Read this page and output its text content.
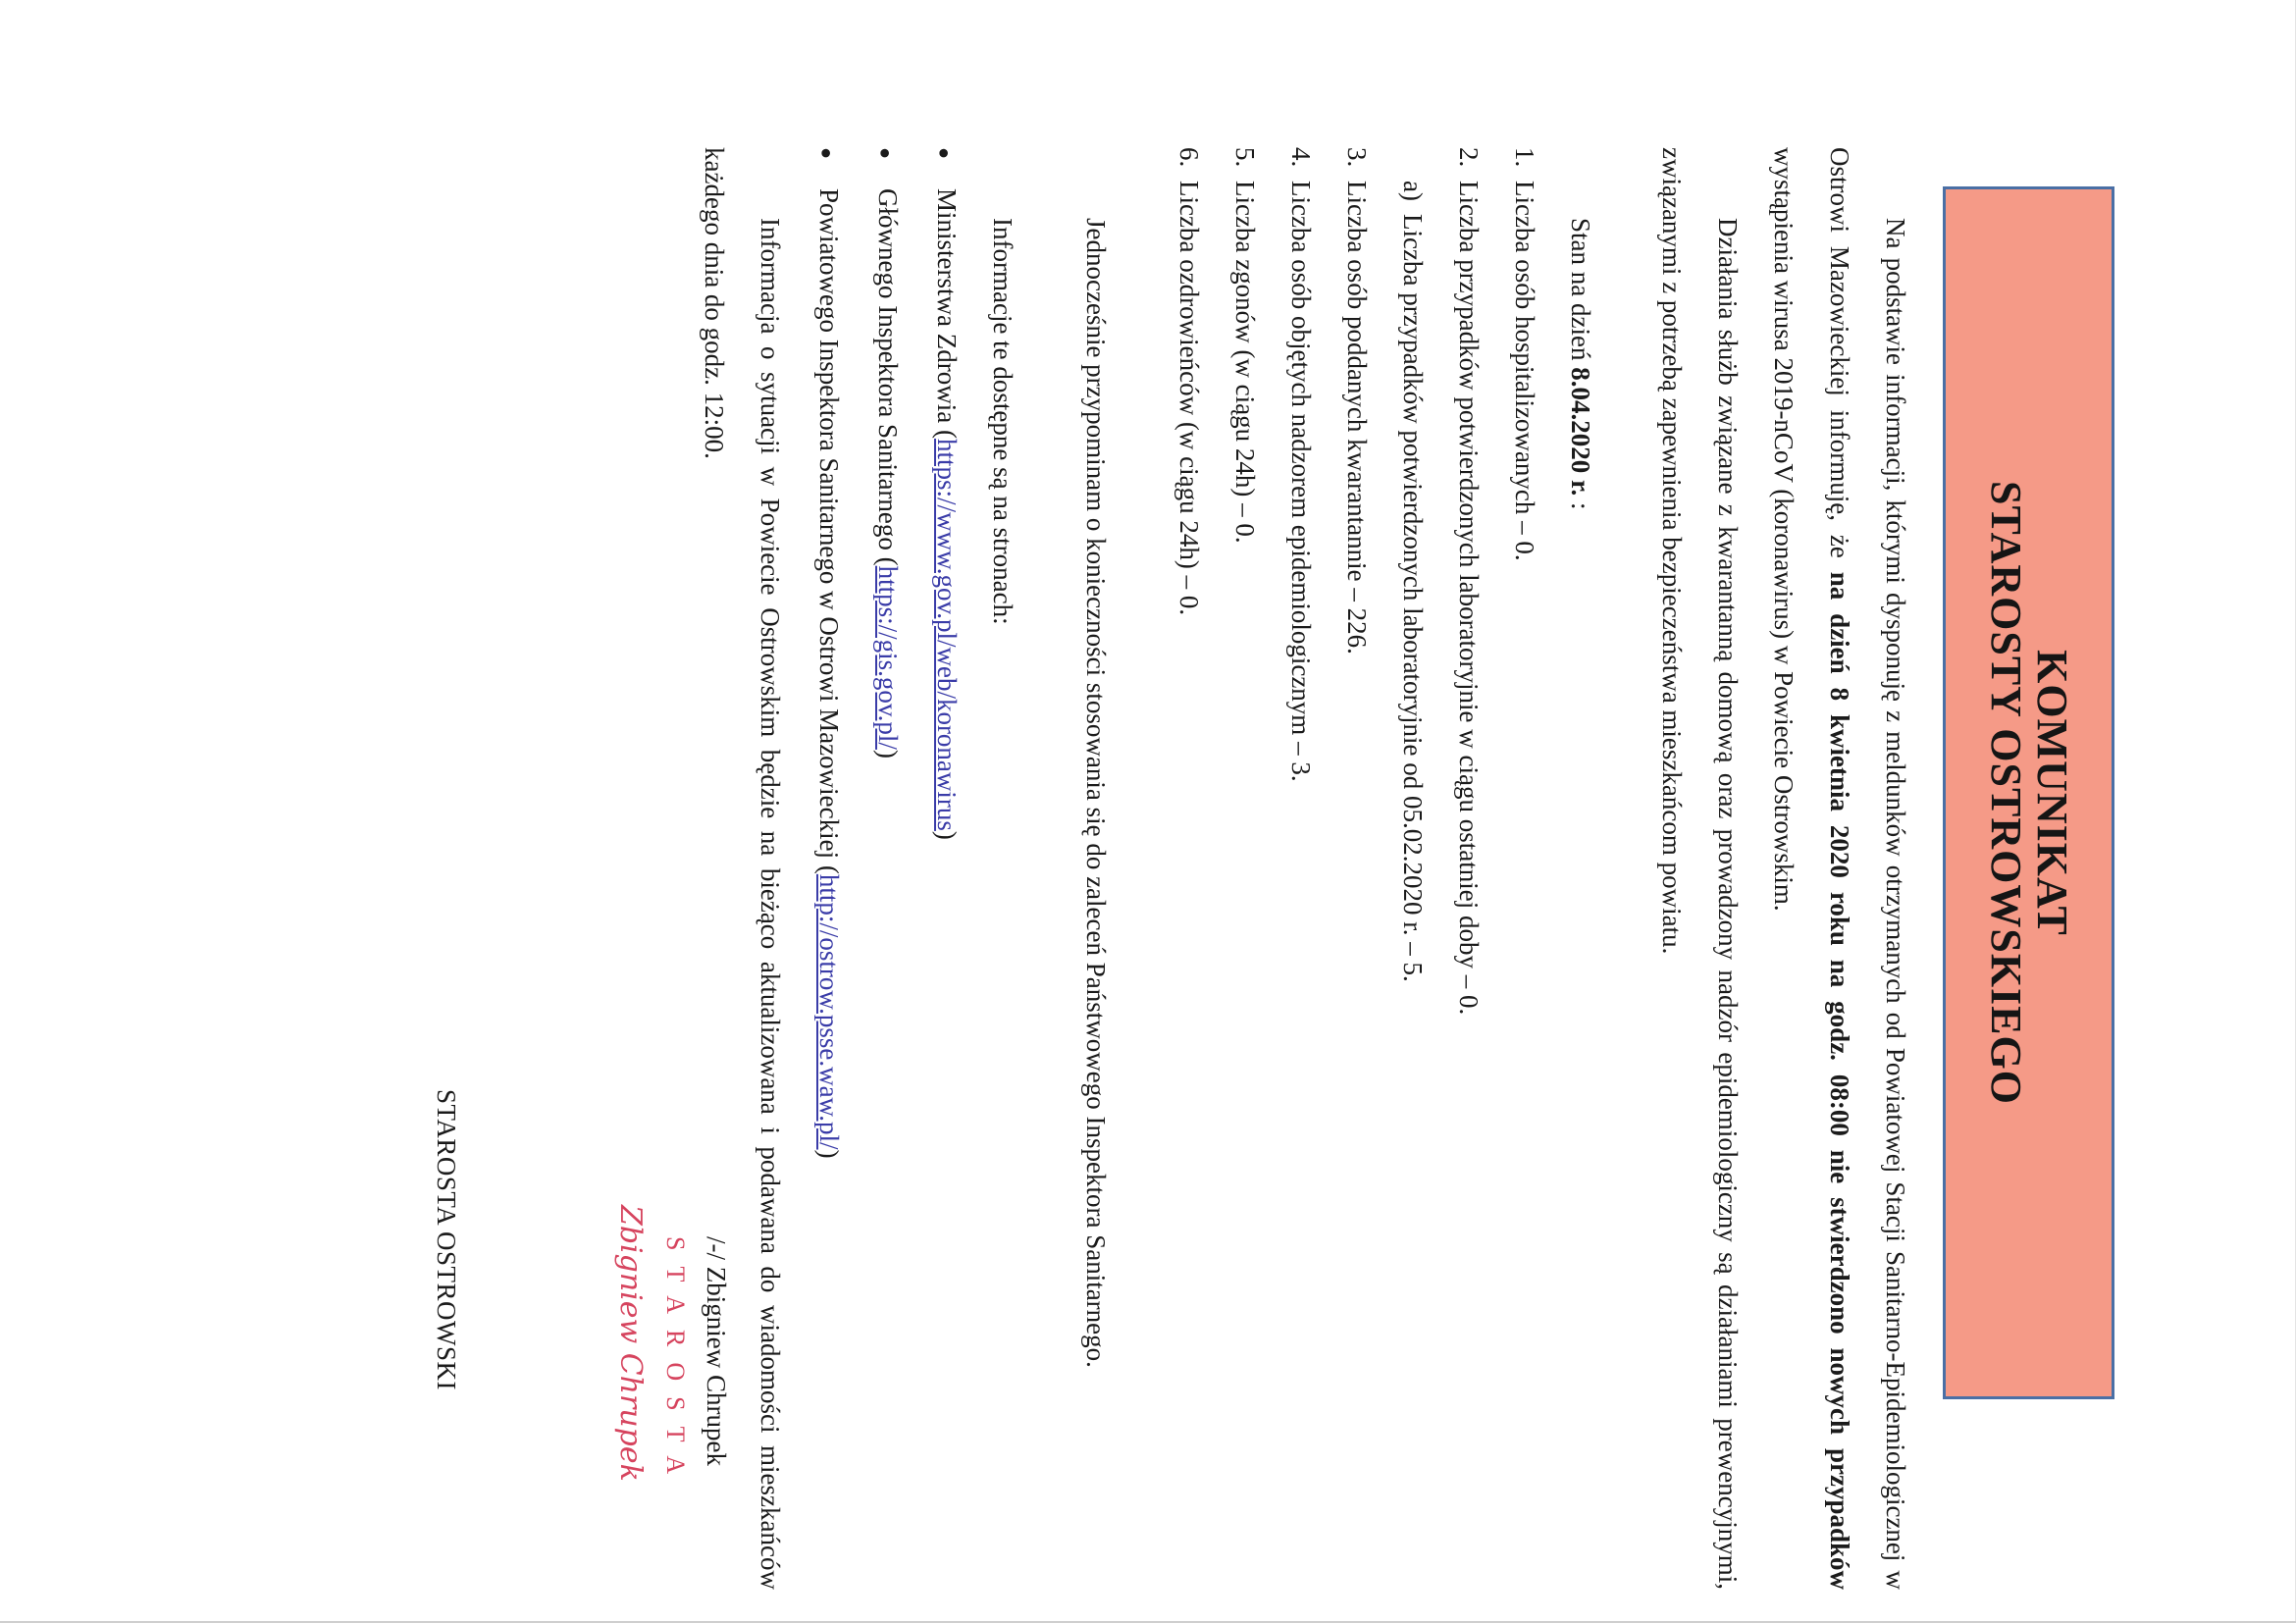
KOMUNIKAT
STAROSTY OSTROWSKIEGO

Na podstawie informacji, którymi dysponuję z meldunków otrzymanych od Powiatowej Stacji Sanitarno-Epidemiologicznej w Ostrowi Mazowieckiej informuję, że na dzień 8 kwietnia 2020 roku na godz. 08:00 nie stwierdzono nowych przypadków wystąpienia wirusa 2019-nCoV (koronawirus) w Powiecie Ostrowskim.

Działania służb związane z kwarantanną domową oraz prowadzony nadzór epidemiologiczny są działaniami prewencyjnymi, związanymi z potrzebą zapewnienia bezpieczeństwa mieszkańcom powiatu.

Stan na dzień 8.04.2020 r. :

1.
Liczba osób hospitalizowanych – 0.
2.
Liczba przypadków potwierdzonych laboratoryjnie w ciągu ostatniej doby – 0.
a)
Liczba przypadków potwierdzonych laboratoryjnie od 05.02.2020 r. – 5.
3.
Liczba osób poddanych kwarantannie – 226.
4.
Liczba osób objętych nadzorem epidemiologicznym – 3.
5.
Liczba zgonów (w ciągu 24h) – 0.
6.
Liczba ozdrowieńców (w ciągu 24h) – 0.

Jednocześnie przypominam o konieczności stosowania się do zaleceń Państwowego Inspektora Sanitarnego.

Informacje te dostępne są na stronach:

●
Ministerstwa Zdrowia (
https://www.gov.pl/web/koronawirus
)
●
Głównego Inspektora Sanitarnego (
https://gis.gov.pl/
)
●
Powiatowego Inspektora Sanitarnego w Ostrowi Mazowieckiej (
http://ostrow.psse.waw.pl/
)

Informacja o sytuacji w Powiecie Ostrowskim będzie na bieżąco aktualizowana i podawana do wiadomości mieszkańców każdego dnia do godz. 12:00.

/-/ Zbigniew Chrupek
STAROSTA
Zbigniew Chrupek
STAROSTA OSTROWSKI
